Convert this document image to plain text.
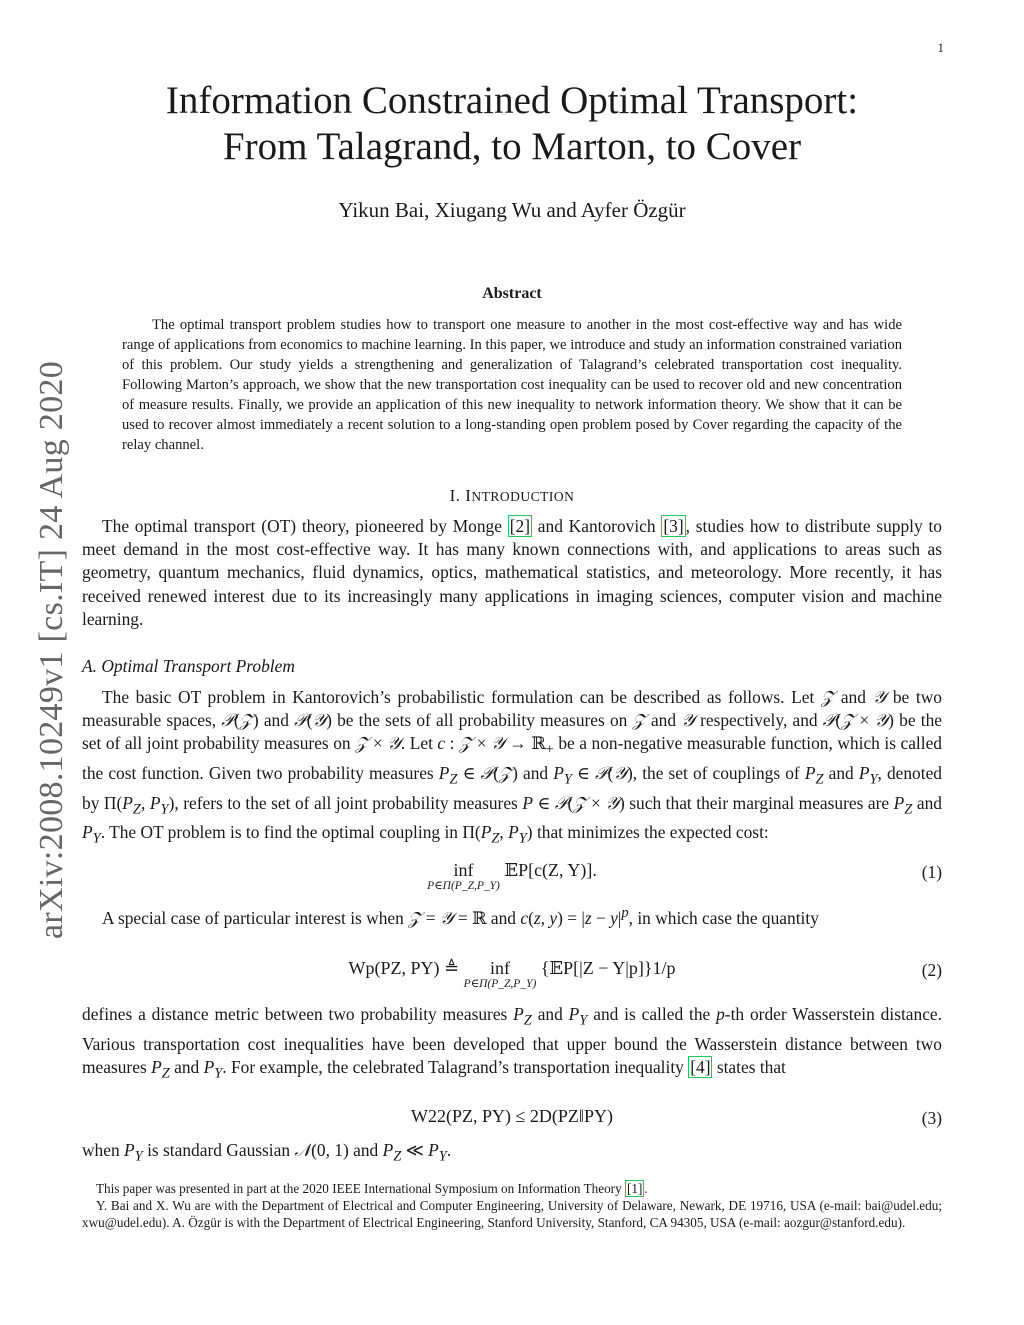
1
arXiv:2008.10249v1 [cs.IT] 24 Aug 2020
Information Constrained Optimal Transport:
From Talagrand, to Marton, to Cover
Yikun Bai, Xiugang Wu and Ayfer Özgür
Abstract

The optimal transport problem studies how to transport one measure to another in the most cost-effective way and has wide range of applications from economics to machine learning. In this paper, we introduce and study an information constrained variation of this problem. Our study yields a strengthening and generalization of Talagrand’s celebrated transportation cost inequality. Following Marton’s approach, we show that the new transportation cost inequality can be used to recover old and new concentration of measure results. Finally, we provide an application of this new inequality to network information theory. We show that it can be used to recover almost immediately a recent solution to a long-standing open problem posed by Cover regarding the capacity of the relay channel.

I. INTRODUCTION

The optimal transport (OT) theory, pioneered by Monge [2] and Kantorovich [3] , studies how to distribute supply to meet demand in the most cost-effective way. It has many known connections with, and applications to areas such as geometry, quantum mechanics, fluid dynamics, optics, mathematical statistics, and meteorology. More recently, it has received renewed interest due to its increasingly many applications in imaging sciences, computer vision and machine learning.

A. Optimal Transport Problem

The basic OT problem in Kantorovich’s probabilistic formulation can be described as follows. Let 𝒵 and 𝒴 be two measurable spaces, 𝒫(𝒵) and 𝒫(𝒴) be the sets of all probability measures on 𝒵 and 𝒴 respectively, and 𝒫(𝒵 × 𝒴) be the set of all joint probability measures on 𝒵 × 𝒴. Let c : 𝒵 × 𝒴 → ℝ$_+$ be a non-negative measurable function, which is called the cost function. Given two probability measures $P_Z$ ∈ 𝒫(𝒵) and $P_Y$ ∈ 𝒫(𝒴), the set of couplings of $P_Z$ and $P_Y$, denoted by $\Pi(P_Z$, $P_Y$), refers to the set of all joint probability measures P ∈ 𝒫(𝒵 × 𝒴) such that their marginal measures are $P_Z$ and $P_Y$. The OT problem is to find the optimal coupling in $\Pi(P_Z$, $P_Y$) that minimizes the expected cost:

inf
P∈Π(P_Z,P_Y)
𝔼P[c(Z, Y)].	(1)

A special case of particular interest is when 𝒵 = 𝒴 = ℝ and c(z, $y) = |z - y|^p$, in which case the quantity

Wp(PZ, PY) ≜	inf
P∈Π(P_Z,P_Y)
{𝔼P[|Z − Y|p]}1/p	(2)

defines a distance metric between two probability measures $P_Z$ and $P_Y$ and is called the p-th order Wasserstein distance. Various transportation cost inequalities have been developed that upper bound the Wasserstein distance between two measures $P_Z$ and $P_Y$. For example, the celebrated Talagrand’s transportation inequality [4] states that

W22(PZ, PY) ≤ 2D(PZ‖PY)	(3)
when $P_Y$ is standard Gaussian 𝒩(0, 1) and $P_Z$ ≪ $P_Y$.

This paper was presented in part at the 2020 IEEE International Symposium on Information Theory [1] .

Y. Bai and X. Wu are with the Department of Electrical and Computer Engineering, University of Delaware, Newark, DE 19716, USA (e-mail: bai@udel.edu; xwu@udel.edu). A. Özgür is with the Department of Electrical Engineering, Stanford University, Stanford, CA 94305, USA (e-mail: aozgur@stanford.edu).
